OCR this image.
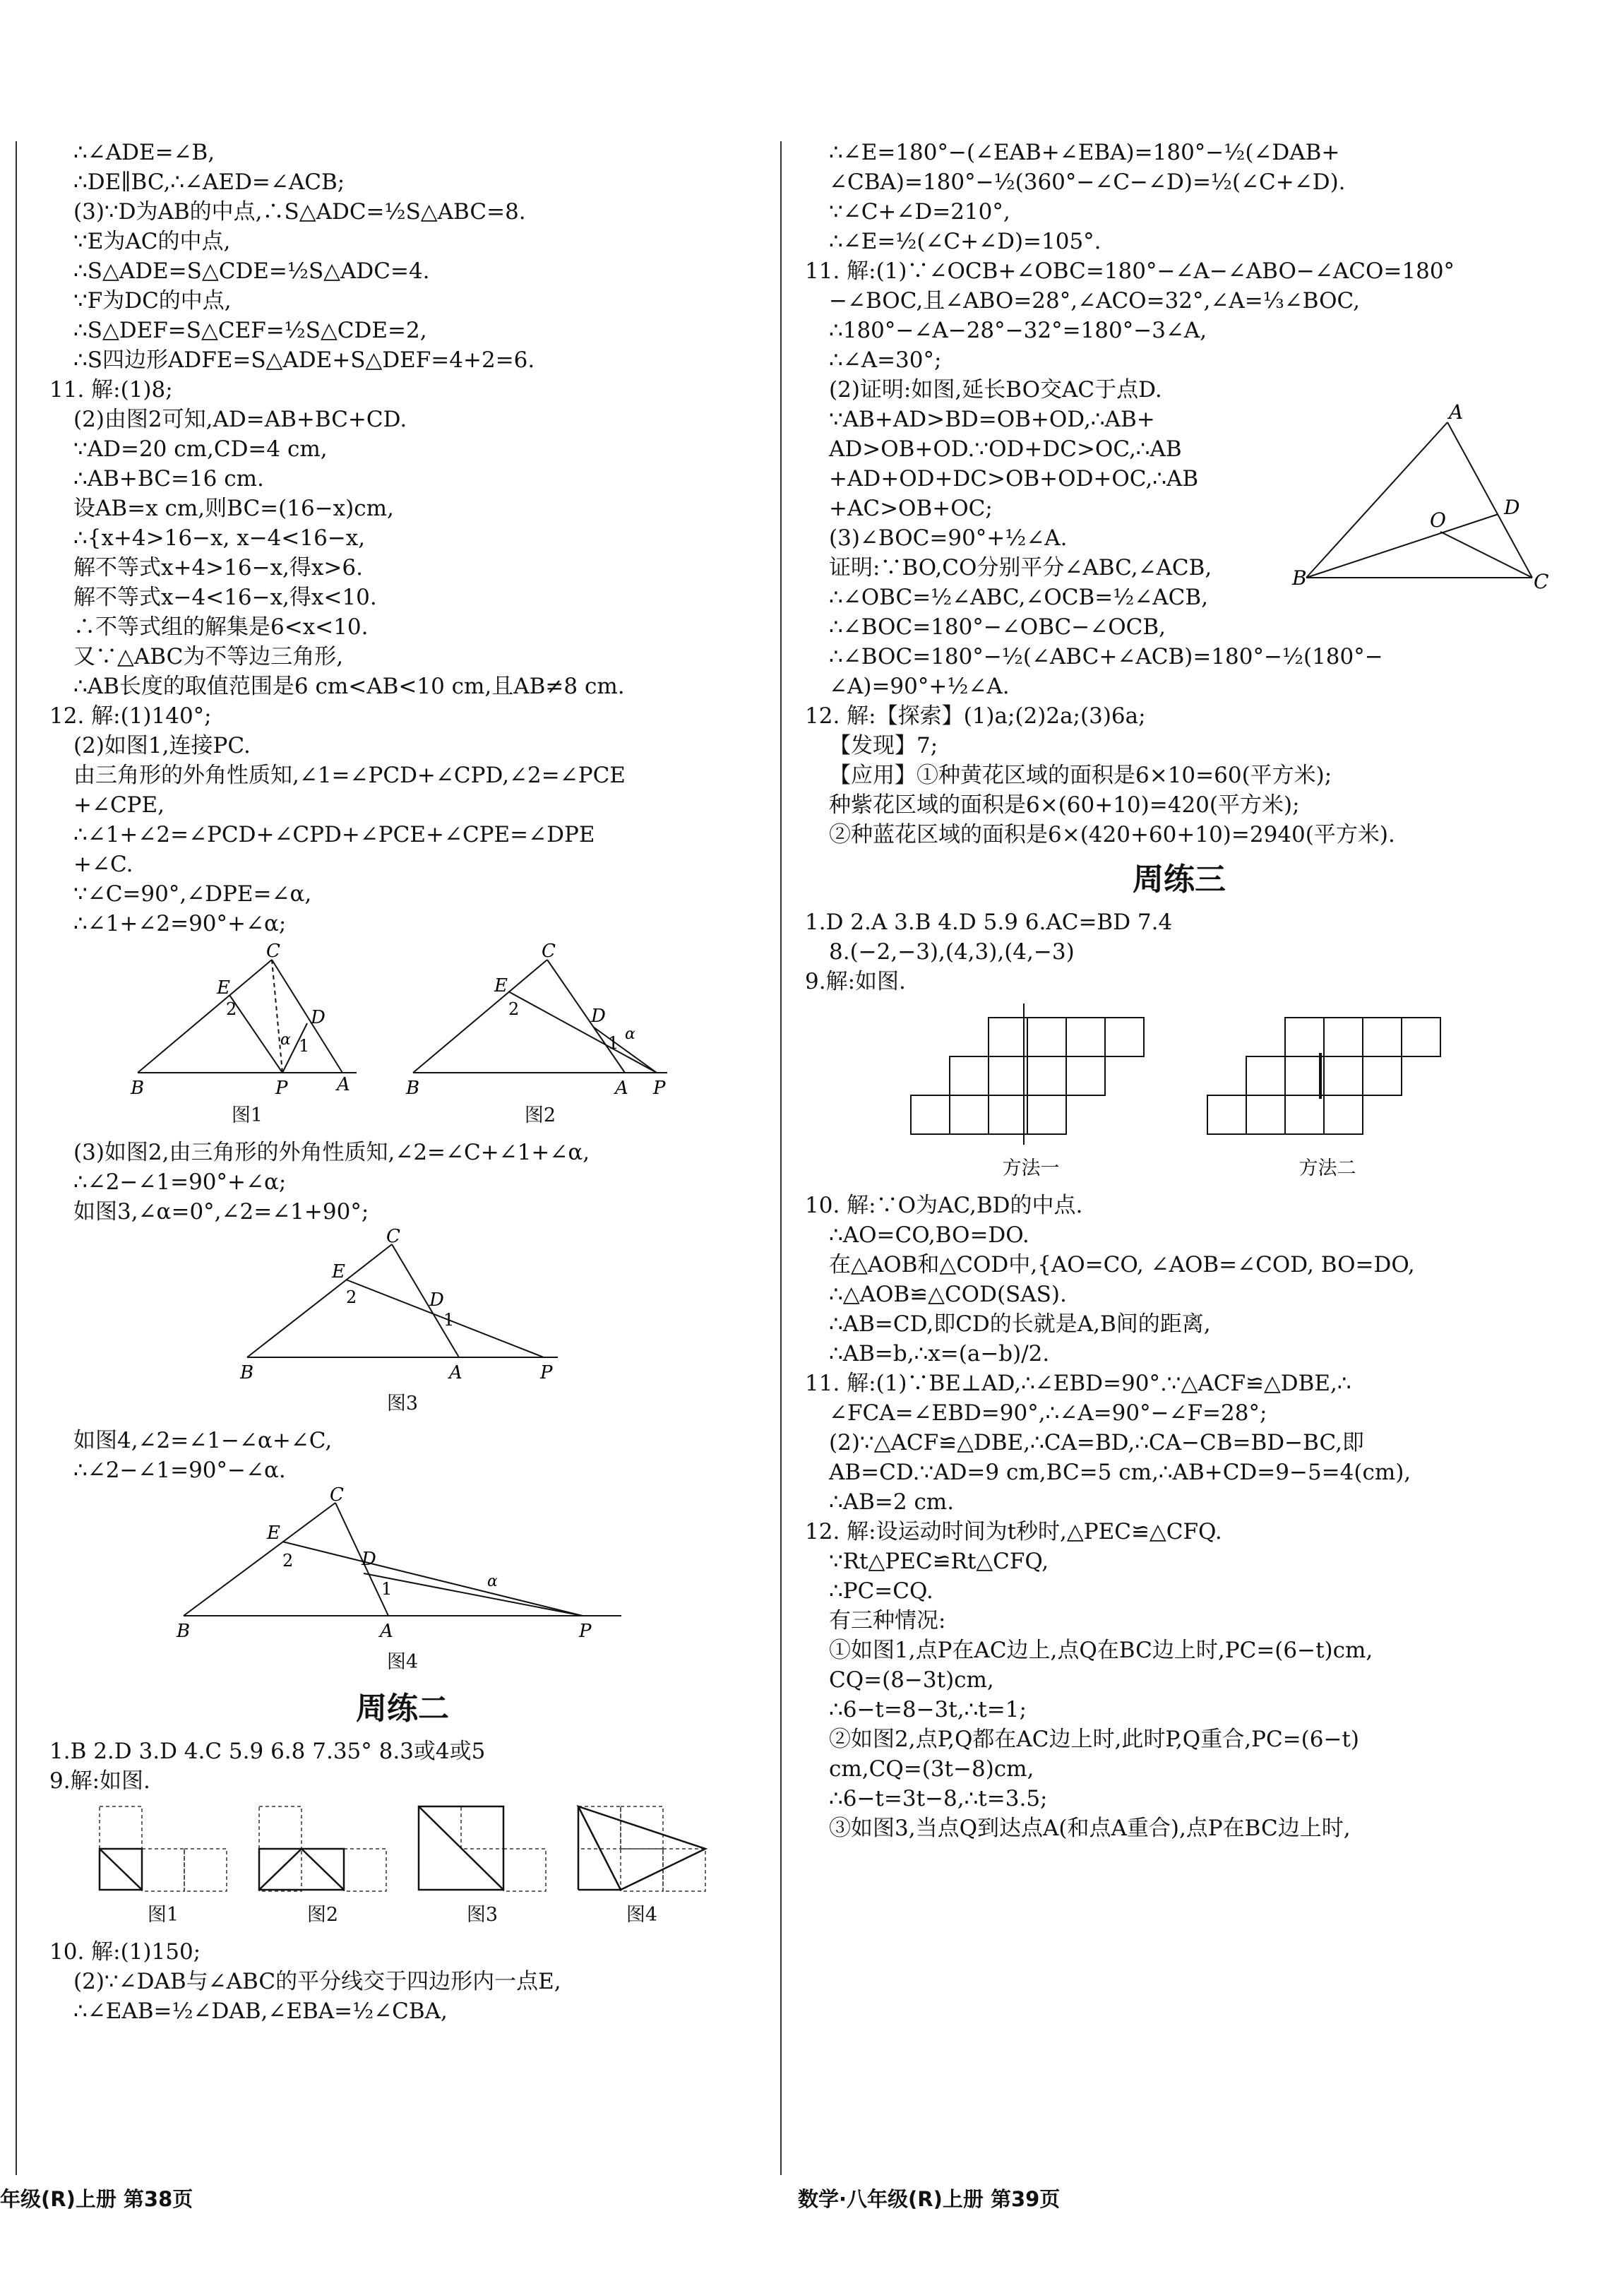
∴∠ADE=∠B,
∴DE∥BC,∴∠AED=∠ACB;
(3)∵D为AB的中点,∴S△ADC=½S△ABC=8.
∵E为AC的中点,
∴S△ADE=S△CDE=½S△ADC=4.
∵F为DC的中点,
∴S△DEF=S△CEF=½S△CDE=2,
∴S四边形ADFE=S△ADE+S△DEF=4+2=6.
11. 解:(1)8;
(2)由图2可知,AD=AB+BC+CD.
∵AD=20 cm,CD=4 cm,
∴AB+BC=16 cm.
设AB=x cm,则BC=(16−x)cm,
∴{x+4>16−x, x−4<16−x,
解不等式x+4>16−x,得x>6.
解不等式x−4<16−x,得x<10.
∴不等式组的解集是6<x<10.
又∵△ABC为不等边三角形,
∴AB长度的取值范围是6 cm<AB<10 cm,且AB≠8 cm.
12. 解:(1)140°;
(2)如图1,连接PC.
由三角形的外角性质知,∠1=∠PCD+∠CPD,∠2=∠PCE
+∠CPE,
∴∠1+∠2=∠PCD+∠CPD+∠PCE+∠CPE=∠DPE
+∠C.
∵∠C=90°,∠DPE=∠α,
∴∠1+∠2=90°+∠α;
C
E
D
B	P	A
2
1
α
图1
C
E
D
B	A P
2
1 α
图2
(3)如图2,由三角形的外角性质知,∠2=∠C+∠1+∠α,
∴∠2−∠1=90°+∠α;
如图3,∠α=0°,∠2=∠1+90°;
C
E
D
B	A	P
2
1
图3
如图4,∠2=∠1−∠α+∠C,
∴∠2−∠1=90°−∠α.
C
E
D
B	A	P
2
1	α
图4
周练二
1.B 2.D 3.D 4.C 5.9 6.8 7.35° 8.3或4或5
9.解:如图.
图1	图2	图3	图4
10. 解:(1)150;
(2)∵∠DAB与∠ABC的平分线交于四边形内一点E,
∴∠EAB=½∠DAB,∠EBA=½∠CBA,
∴∠E=180°−(∠EAB+∠EBA)=180°−½(∠DAB+
∠CBA)=180°−½(360°−∠C−∠D)=½(∠C+∠D).
∵∠C+∠D=210°,
∴∠E=½(∠C+∠D)=105°.
11. 解:(1)∵∠OCB+∠OBC=180°−∠A−∠ABO−∠ACO=180°
−∠BOC,且∠ABO=28°,∠ACO=32°,∠A=⅓∠BOC,
∴180°−∠A−28°−32°=180°−3∠A,
∴∠A=30°;
(2)证明:如图,延长BO交AC于点D.
∵AB+AD>BD=OB+OD,∴AB+
AD>OB+OD.∵OD+DC>OC,∴AB
+AD+OD+DC>OB+OD+OC,∴AB
+AC>OB+OC;
(3)∠BOC=90°+½∠A.
证明:∵BO,CO分别平分∠ABC,∠ACB,
∴∠OBC=½∠ABC,∠OCB=½∠ACB,
∴∠BOC=180°−∠OBC−∠OCB,
∴∠BOC=180°−½(∠ABC+∠ACB)=180°−½(180°−
∠A)=90°+½∠A.
A
B	C
D
O
12. 解:【探索】(1)a;(2)2a;(3)6a;
【发现】7;
【应用】①种黄花区域的面积是6×10=60(平方米);
种紫花区域的面积是6×(60+10)=420(平方米);
②种蓝花区域的面积是6×(420+60+10)=2940(平方米).
周练三
1.D 2.A 3.B 4.D 5.9 6.AC=BD 7.4
8.(−2,−3),(4,3),(4,−3)
9.解:如图.
方法一	方法二
10. 解:∵O为AC,BD的中点.
∴AO=CO,BO=DO.
在△AOB和△COD中,{AO=CO, ∠AOB=∠COD, BO=DO,
∴△AOB≌△COD(SAS).
∴AB=CD,即CD的长就是A,B间的距离,
∴AB=b,∴x=(a−b)/2.
11. 解:(1)∵BE⊥AD,∴∠EBD=90°.∵△ACF≌△DBE,∴
∠FCA=∠EBD=90°,∴∠A=90°−∠F=28°;
(2)∵△ACF≌△DBE,∴CA=BD,∴CA−CB=BD−BC,即
AB=CD.∵AD=9 cm,BC=5 cm,∴AB+CD=9−5=4(cm),
∴AB=2 cm.
12. 解:设运动时间为t秒时,△PEC≌△CFQ.
∵Rt△PEC≌Rt△CFQ,
∴PC=CQ.
有三种情况:
①如图1,点P在AC边上,点Q在BC边上时,PC=(6−t)cm,
CQ=(8−3t)cm,
∴6−t=8−3t,∴t=1;
②如图2,点P,Q都在AC边上时,此时P,Q重合,PC=(6−t)
cm,CQ=(3t−8)cm,
∴6−t=3t−8,∴t=3.5;
③如图3,当点Q到达点A(和点A重合),点P在BC边上时,
年级(R)上册 第38页	数学·八年级(R)上册 第39页
